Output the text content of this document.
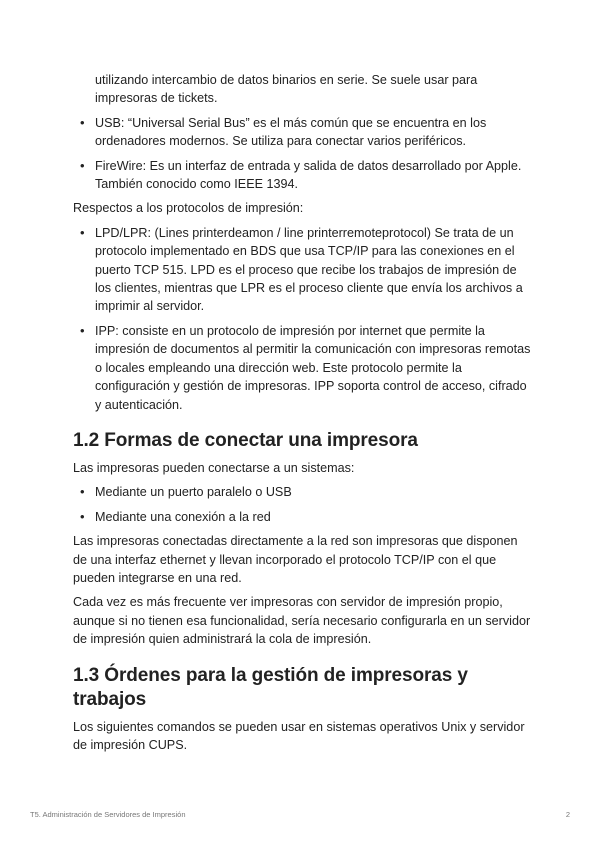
utilizando intercambio de datos binarios en serie. Se suele usar para impresoras de tickets.

• USB: “Universal Serial Bus” es el más común que se encuentra en los ordenadores modernos. Se utiliza para conectar varios periféricos.
• FireWire: Es un interfaz de entrada y salida de datos desarrollado por Apple. También conocido como IEEE 1394.

Respectos a los protocolos de impresión:

• LPD/LPR: (Lines printerdeamon / line printerremoteprotocol) Se trata de un protocolo implementado en BDS que usa TCP/IP para las conexiones en el puerto TCP 515. LPD es el proceso que recibe los trabajos de impresión de los clientes, mientras que LPR es el proceso cliente que envía los archivos a imprimir al servidor.
• IPP: consiste en un protocolo de impresión por internet que permite la impresión de documentos al permitir la comunicación con impresoras remotas o locales empleando una dirección web. Este protocolo permite la configuración y gestión de impresoras. IPP soporta control de acceso, cifrado y autenticación.
1.2 Formas de conectar una impresora

Las impresoras pueden conectarse a un sistemas:

• Mediante un puerto paralelo o USB
• Mediante una conexión a la red

Las impresoras conectadas directamente a la red son impresoras que disponen de una interfaz ethernet y llevan incorporado el protocolo TCP/IP con el que pueden integrarse en una red.

Cada vez es más frecuente ver impresoras con servidor de impresión propio, aunque si no tienen esa funcionalidad, sería necesario configurarla en un servidor de impresión quien administrará la cola de impresión.

1.3 Órdenes para la gestión de impresoras y trabajos

Los siguientes comandos se pueden usar en sistemas operativos Unix y servidor de impresión CUPS.

T5. Administración de Servidores de Impresión	2
